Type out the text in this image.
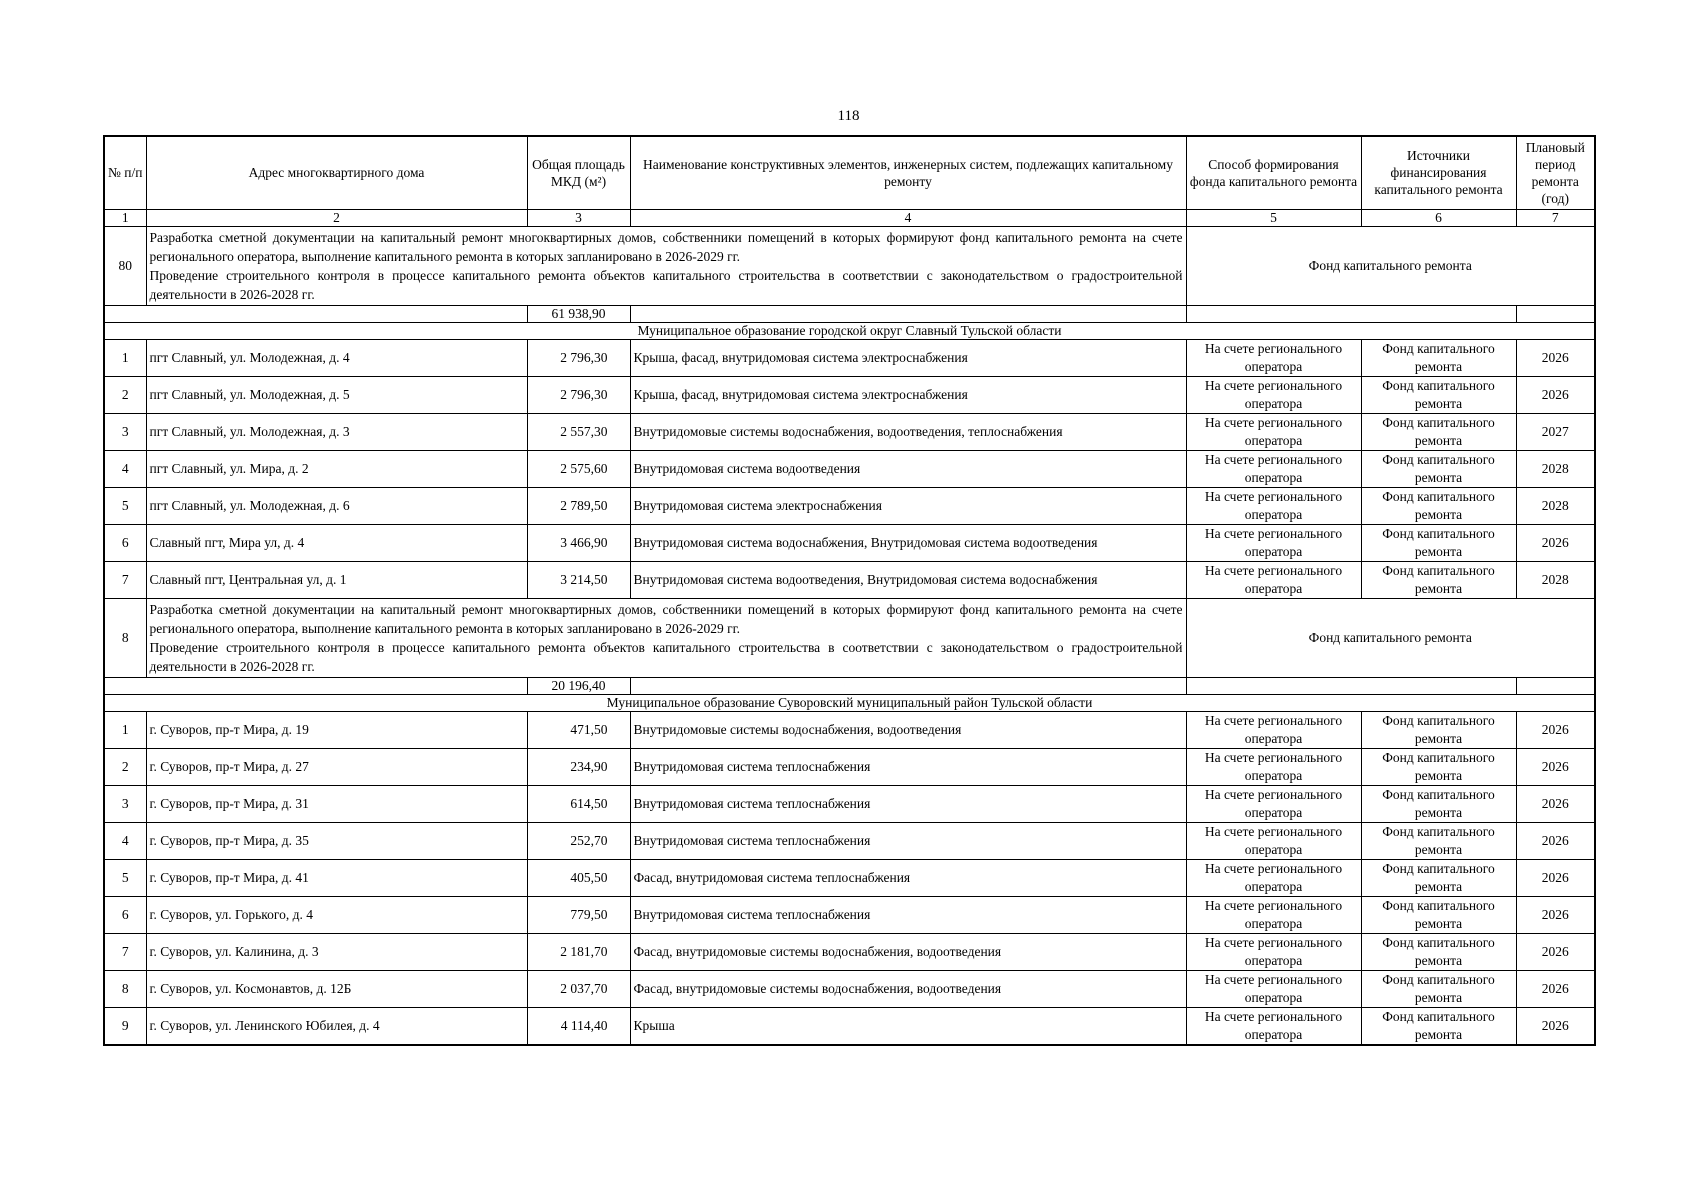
118
№ п/п	Адрес многоквартирного дома	Общая площадь МКД (м²)	Наименование конструктивных элементов, инженерных систем, подлежащих капитальному ремонту	Способ формирования фонда капитального ремонта	Источники финансирования капитального ремонта	Плановый период ремонта (год)
1	2	3	4	5	6	7
80	Разработка сметной документации на капитальный ремонт многоквартирных домов, собственники помещений в которых формируют фонд капитального ремонта на счете регионального оператора, выполнение капитального ремонта в которых запланировано в 2026-2029 гг.
Проведение строительного контроля в процессе капитального ремонта объектов капитального строительства в соответствии с законодательством о градостроительной деятельности в 2026-2028 гг.			Фонд капитального ремонта		
		61 938,90				
Муниципальное образование городской округ Славный Тульской области						
1	пгт Славный, ул. Молодежная, д. 4	2 796,30	Крыша, фасад, внутридомовая система электроснабжения	На счете регионального оператора	Фонд капитального ремонта	2026
2	пгт Славный, ул. Молодежная, д. 5	2 796,30	Крыша, фасад, внутридомовая система электроснабжения	На счете регионального оператора	Фонд капитального ремонта	2026
3	пгт Славный, ул. Молодежная, д. 3	2 557,30	Внутридомовые системы водоснабжения, водоотведения, теплоснабжения	На счете регионального оператора	Фонд капитального ремонта	2027
4	пгт Славный, ул. Мира, д. 2	2 575,60	Внутридомовая система водоотведения	На счете регионального оператора	Фонд капитального ремонта	2028
5	пгт Славный, ул. Молодежная, д. 6	2 789,50	Внутридомовая система электроснабжения	На счете регионального оператора	Фонд капитального ремонта	2028
6	Славный пгт, Мира ул, д. 4	3 466,90	Внутридомовая система водоснабжения, Внутридомовая система водоотведения	На счете регионального оператора	Фонд капитального ремонта	2026
7	Славный пгт, Центральная ул, д. 1	3 214,50	Внутридомовая система водоотведения, Внутридомовая система водоснабжения	На счете регионального оператора	Фонд капитального ремонта	2028
8	Разработка сметной документации на капитальный ремонт многоквартирных домов, собственники помещений в которых формируют фонд капитального ремонта на счете регионального оператора, выполнение капитального ремонта в которых запланировано в 2026-2029 гг.
Проведение строительного контроля в процессе капитального ремонта объектов капитального строительства в соответствии с законодательством о градостроительной деятельности в 2026-2028 гг.			Фонд капитального ремонта		
		20 196,40				
Муниципальное образование Суворовский муниципальный район Тульской области						
1	г. Суворов, пр-т Мира, д. 19	471,50	Внутридомовые системы водоснабжения, водоотведения	На счете регионального оператора	Фонд капитального ремонта	2026
2	г. Суворов, пр-т Мира, д. 27	234,90	Внутридомовая система теплоснабжения	На счете регионального оператора	Фонд капитального ремонта	2026
3	г. Суворов, пр-т Мира, д. 31	614,50	Внутридомовая система теплоснабжения	На счете регионального оператора	Фонд капитального ремонта	2026
4	г. Суворов, пр-т Мира, д. 35	252,70	Внутридомовая система теплоснабжения	На счете регионального оператора	Фонд капитального ремонта	2026
5	г. Суворов, пр-т Мира, д. 41	405,50	Фасад, внутридомовая система теплоснабжения	На счете регионального оператора	Фонд капитального ремонта	2026
6	г. Суворов, ул. Горького, д. 4	779,50	Внутридомовая система теплоснабжения	На счете регионального оператора	Фонд капитального ремонта	2026
7	г. Суворов, ул. Калинина, д. 3	2 181,70	Фасад, внутридомовые системы водоснабжения, водоотведения	На счете регионального оператора	Фонд капитального ремонта	2026
8	г. Суворов, ул. Космонавтов, д. 12Б	2 037,70	Фасад, внутридомовые системы водоснабжения, водоотведения	На счете регионального оператора	Фонд капитального ремонта	2026
9	г. Суворов, ул. Ленинского Юбилея, д. 4	4 114,40	Крыша	На счете регионального оператора	Фонд капитального ремонта	2026
